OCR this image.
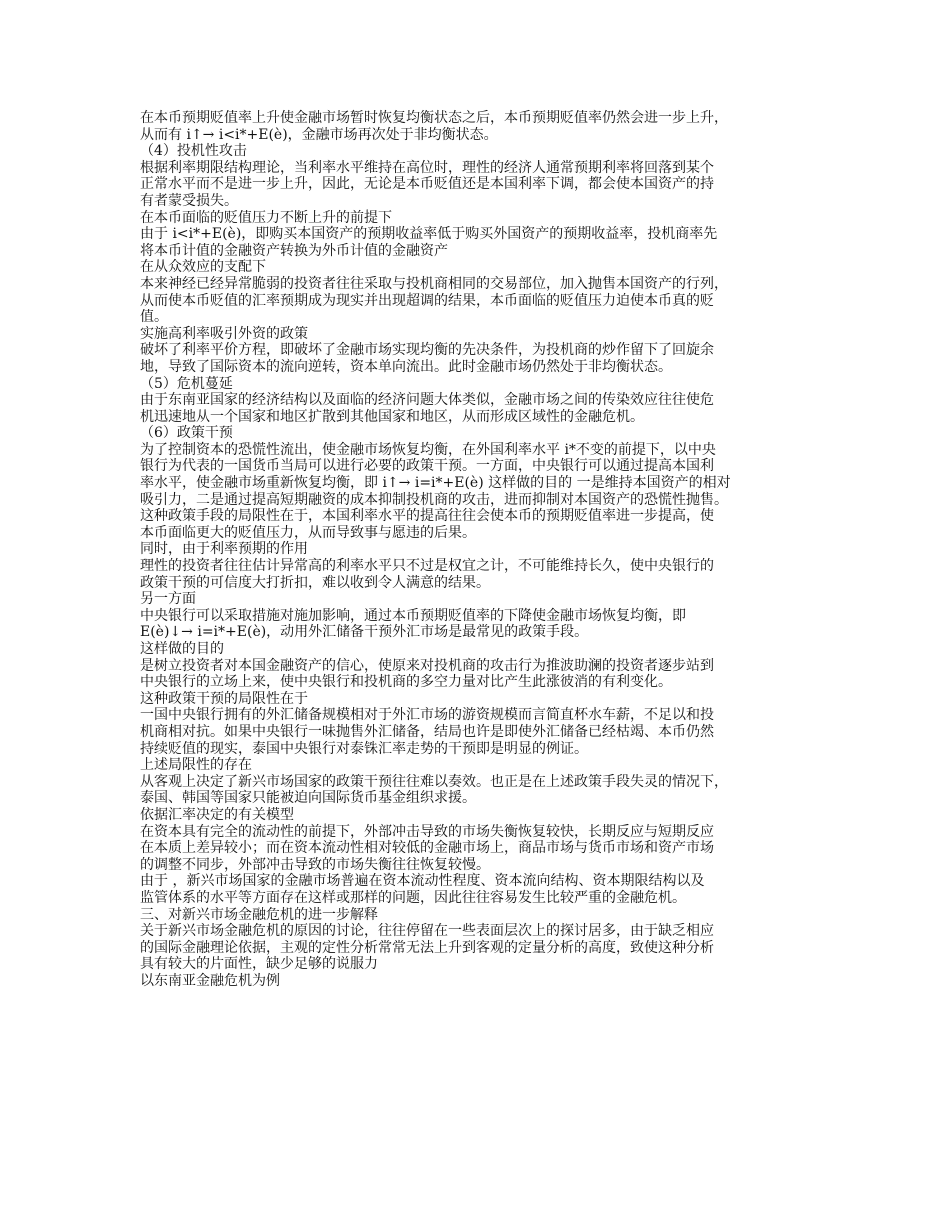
在本币预期贬值率上升使金融市场暂时恢复均衡状态之后，本币预期贬值率仍然会进一步上升，
从而有 i↑→ i<i*+E(è)，金融市场再次处于非均衡状态。
（4）投机性攻击
根据利率期限结构理论，当利率水平维持在高位时，理性的经济人通常预期利率将回落到某个
正常水平而不是进一步上升，因此，无论是本币贬值还是本国利率下调，都会使本国资产的持
有者蒙受损失。
在本币面临的贬值压力不断上升的前提下
由于 i<i*+E(è)，即购买本国资产的预期收益率低于购买外国资产的预期收益率，投机商率先
将本币计值的金融资产转换为外币计值的金融资产
在从众效应的支配下
本来神经已经异常脆弱的投资者往往采取与投机商相同的交易部位，加入抛售本国资产的行列，
从而使本币贬值的汇率预期成为现实并出现超调的结果，本币面临的贬值压力迫使本币真的贬
值。
实施高利率吸引外资的政策
破坏了利率平价方程，即破坏了金融市场实现均衡的先决条件，为投机商的炒作留下了回旋余
地，导致了国际资本的流向逆转，资本单向流出。此时金融市场仍然处于非均衡状态。
（5）危机蔓延
由于东南亚国家的经济结构以及面临的经济问题大体类似，金融市场之间的传染效应往往使危
机迅速地从一个国家和地区扩散到其他国家和地区，从而形成区域性的金融危机。
（6）政策干预
为了控制资本的恐慌性流出，使金融市场恢复均衡，在外国利率水平 i*不变的前提下，以中央
银行为代表的一国货币当局可以进行必要的政策干预。一方面，中央银行可以通过提高本国利
率水平，使金融市场重新恢复均衡，即 i↑→ i=i*+E(è) 这样做的目的 一是维持本国资产的相对
吸引力，二是通过提高短期融资的成本抑制投机商的攻击，进而抑制对本国资产的恐慌性抛售。
这种政策手段的局限性在于，本国利率水平的提高往往会使本币的预期贬值率进一步提高，使
本币面临更大的贬值压力，从而导致事与愿违的后果。
同时，由于利率预期的作用
理性的投资者往往估计异常高的利率水平只不过是权宜之计，不可能维持长久，使中央银行的
政策干预的可信度大打折扣，难以收到令人满意的结果。
另一方面
中央银行可以采取措施对施加影响，通过本币预期贬值率的下降使金融市场恢复均衡，即
E(è)↓→ i=i*+E(è)，动用外汇储备干预外汇市场是最常见的政策手段。
这样做的目的
是树立投资者对本国金融资产的信心，使原来对投机商的攻击行为推波助澜的投资者逐步站到
中央银行的立场上来，使中央银行和投机商的多空力量对比产生此涨彼消的有利变化。
这种政策干预的局限性在于
一国中央银行拥有的外汇储备规模相对于外汇市场的游资规模而言简直杯水车薪，不足以和投
机商相对抗。如果中央银行一味抛售外汇储备，结局也许是即使外汇储备已经枯竭、本币仍然
持续贬值的现实，泰国中央银行对泰铢汇率走势的干预即是明显的例证。
上述局限性的存在
从客观上决定了新兴市场国家的政策干预往往难以奏效。也正是在上述政策手段失灵的情况下，
泰国、韩国等国家只能被迫向国际货币基金组织求援。
依据汇率决定的有关模型
在资本具有完全的流动性的前提下，外部冲击导致的市场失衡恢复较快，长期反应与短期反应
在本质上差异较小；而在资本流动性相对较低的金融市场上，商品市场与货币市场和资产市场
的调整不同步，外部冲击导致的市场失衡往往恢复较慢。
由于 ，新兴市场国家的金融市场普遍在资本流动性程度、资本流向结构、资本期限结构以及
监管体系的水平等方面存在这样或那样的问题，因此往往容易发生比较严重的金融危机。
三、对新兴市场金融危机的进一步解释
关于新兴市场金融危机的原因的讨论，往往停留在一些表面层次上的探讨居多，由于缺乏相应
的国际金融理论依据，主观的定性分析常常无法上升到客观的定量分析的高度，致使这种分析
具有较大的片面性，缺少足够的说服力
以东南亚金融危机为例
